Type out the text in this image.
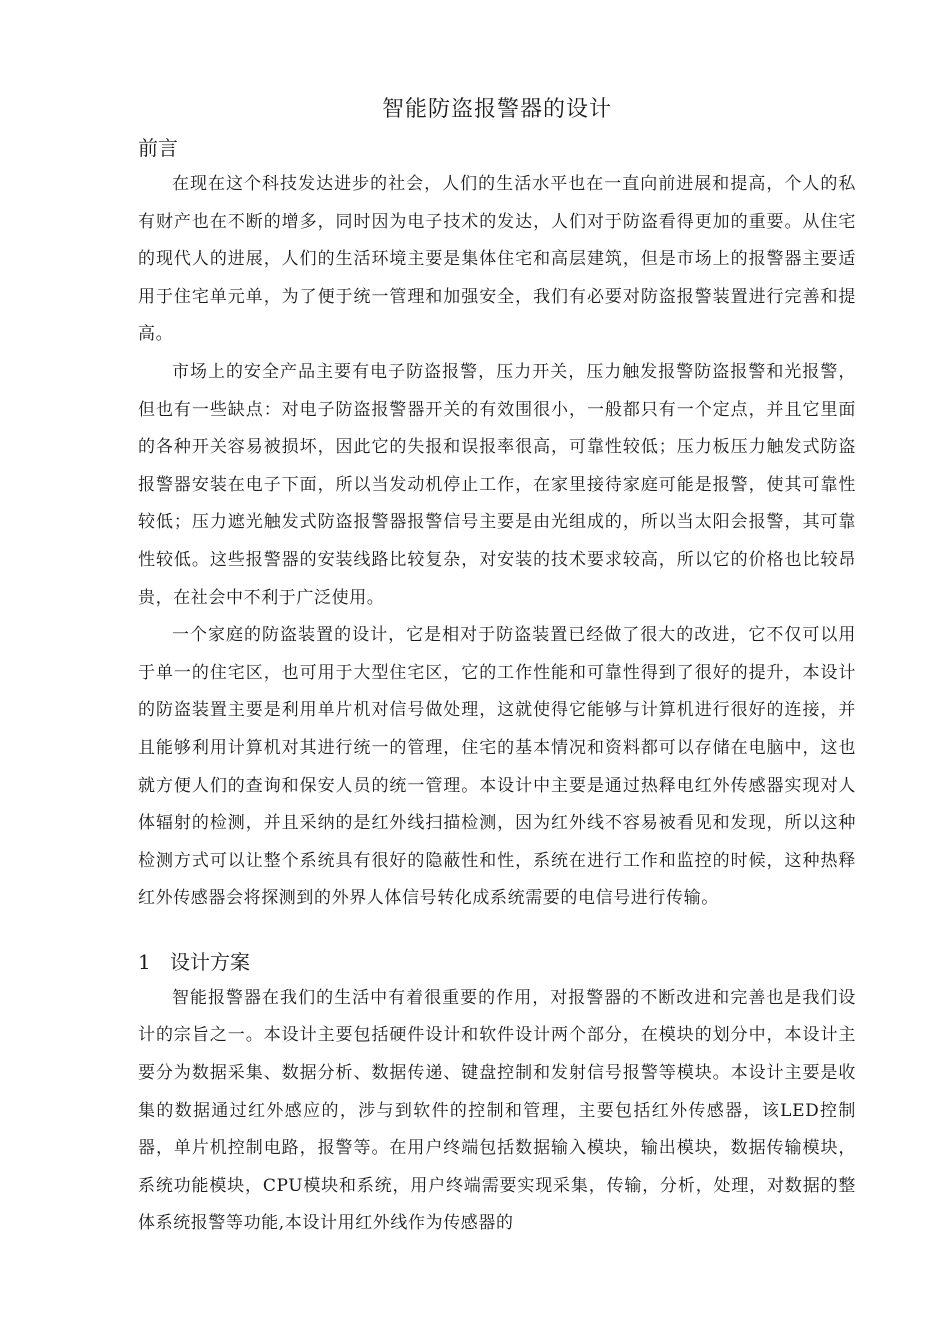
智能防盗报警器的设计
前言

在现在这个科技发达进步的社会，人们的生活水平也在一直向前进展和提高，个人的私有财产也在不断的增多，同时因为电子技术的发达，人们对于防盗看得更加的重要。从住宅的现代人的进展，人们的生活环境主要是集体住宅和高层建筑，但是市场上的报警器主要适用于住宅单元单，为了便于统一管理和加强安全，我们有必要对防盗报警装置进行完善和提高。

市场上的安全产品主要有电子防盗报警，压力开关，压力触发报警防盗报警和光报警，但也有一些缺点：对电子防盗报警器开关的有效围很小，一般都只有一个定点，并且它里面的各种开关容易被损坏，因此它的失报和误报率很高，可靠性较低；压力板压力触发式防盗报警器安装在电子下面，所以当发动机停止工作，在家里接待家庭可能是报警，使其可靠性较低；压力遮光触发式防盗报警器报警信号主要是由光组成的，所以当太阳会报警，其可靠性较低。这些报警器的安装线路比较复杂，对安装的技术要求较高，所以它的价格也比较昂贵，在社会中不利于广泛使用。

一个家庭的防盗装置的设计，它是相对于防盗装置已经做了很大的改进，它不仅可以用于单一的住宅区，也可用于大型住宅区，它的工作性能和可靠性得到了很好的提升，本设计的防盗装置主要是利用单片机对信号做处理，这就使得它能够与计算机进行很好的连接，并且能够利用计算机对其进行统一的管理，住宅的基本情况和资料都可以存储在电脑中，这也就方便人们的查询和保安人员的统一管理。本设计中主要是通过热释电红外传感器实现对人体辐射的检测，并且采纳的是红外线扫描检测，因为红外线不容易被看见和发现，所以这种检测方式可以让整个系统具有很好的隐蔽性和性，系统在进行工作和监控的时候，这种热释红外传感器会将探测到的外界人体信号转化成系统需要的电信号进行传输。

1 设计方案

智能报警器在我们的生活中有着很重要的作用，对报警器的不断改进和完善也是我们设计的宗旨之一。本设计主要包括硬件设计和软件设计两个部分，在模块的划分中，本设计主要分为数据采集、数据分析、数据传递、键盘控制和发射信号报警等模块。本设计主要是收集的数据通过红外感应的，涉与到软件的控制和管理，主要包括红外传感器，该LED控制器，单片机控制电路，报警等。在用户终端包括数据输入模块，输出模块，数据传输模块，系统功能模块，CPU模块和系统，用户终端需要实现采集，传输，分析，处理，对数据的整体系统报警等功能,本设计用红外线作为传感器的
